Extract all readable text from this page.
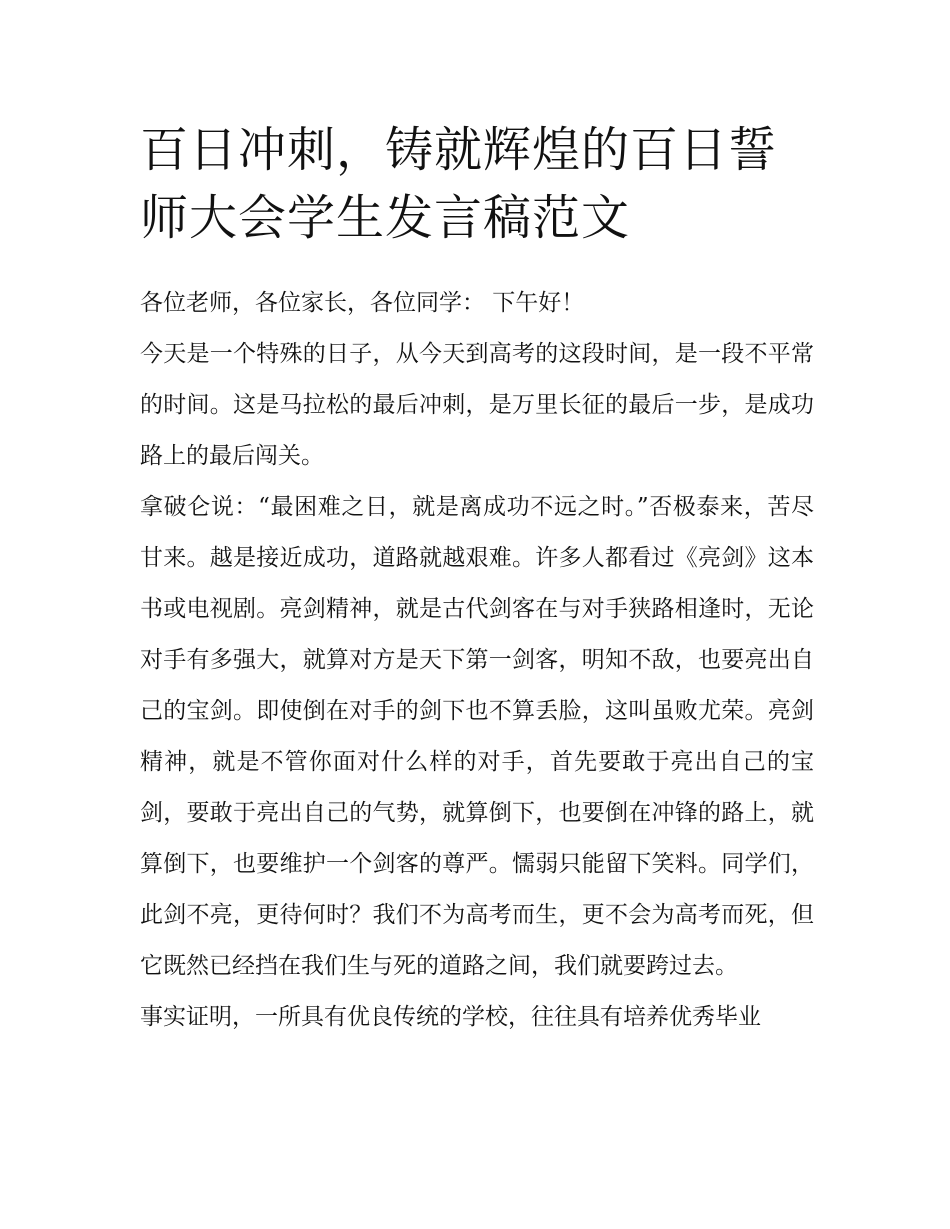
百日冲刺，铸就辉煌的百日誓师大会学生发言稿范文

各位老师，各位家长，各位同学： 下午好！

今天是一个特殊的日子，从今天到高考的这段时间，是一段不平常的时间。这是马拉松的最后冲刺，是万里长征的最后一步，是成功路上的最后闯关。

拿破仑说：“最困难之日，就是离成功不远之时。”否极泰来，苦尽甘来。越是接近成功，道路就越艰难。许多人都看过《亮剑》这本书或电视剧。亮剑精神，就是古代剑客在与对手狭路相逢时，无论对手有多强大，就算对方是天下第一剑客，明知不敌，也要亮出自己的宝剑。即使倒在对手的剑下也不算丢脸，这叫虽败尤荣。亮剑精神，就是不管你面对什么样的对手，首先要敢于亮出自己的宝剑，要敢于亮出自己的气势，就算倒下，也要倒在冲锋的路上，就算倒下，也要维护一个剑客的尊严。懦弱只能留下笑料。同学们，此剑不亮，更待何时？我们不为高考而生，更不会为高考而死，但它既然已经挡在我们生与死的道路之间，我们就要跨过去。

事实证明，一所具有优良传统的学校，往往具有培养优秀毕业
